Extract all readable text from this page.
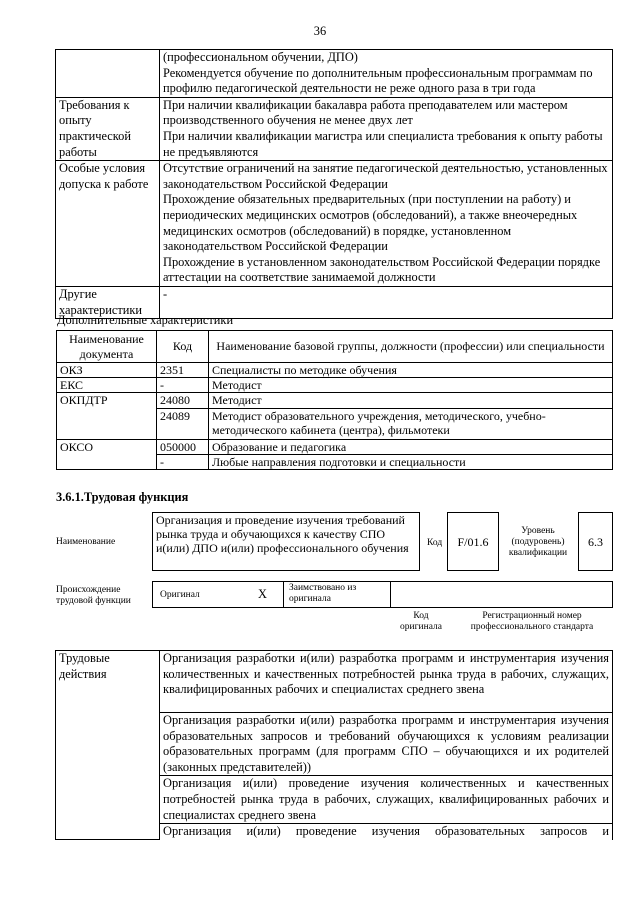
36

	(профессиональном обучении, ДПО)
Рекомендуется обучение по дополнительным профессиональным программам по профилю педагогической деятельности не реже одного раза в три года

Требования к опыту практической работы	При наличии квалификации бакалавра работа преподавателем или мастером производственного обучения не менее двух лет
При наличии квалификации магистра или специалиста требования к опыту работы не предъявляются

Особые условия допуска к работе	Отсутствие ограничений на занятие педагогической деятельностью, установленных законодательством Российской Федерации
Прохождение обязательных предварительных (при поступлении на работу) и периодических медицинских осмотров (обследований), а также внеочередных медицинских осмотров (обследований) в порядке, установленном законодательством Российской Федерации
Прохождение в установленном законодательством Российской Федерации порядке аттестации на соответствие занимаемой должности

Другие характеристики	-
Дополнительные характеристики
Наименование документа	Код	Наименование базовой группы, должности (профессии) или специальности
ОКЗ	2351	Специалисты по методике обучения
ЕКС	-	Методист
ОКПДТР	24080	Методист
	24089	Методист образовательного учреждения, методического, учебно-методического кабинета (центра), фильмотеки
ОКСО	050000	Образование и педагогика
	-	Любые направления подготовки и специальности
3.6.1.Трудовая функция
Наименование
Организация и проведение изучения требований рынка труда и обучающихся к качеству СПО и(или) ДПО и(или) профессионального обучения	Код	F/01.6
Уровень (подуровень) квалификации
6.3
Происхождение трудовой функции
Оригинал	X Заимствовано из оригинала
Код оригинала
Регистрационный номер профессионального стандарта
Трудовые действия	Организация разработки и(или) разработка программ и инструментария изучения количественных и качественных потребностей рынка труда в рабочих, служащих, квалифицированных рабочих и специалистах среднего звена
Организация разработки и(или) разработка программ и инструментария изучения образовательных запросов и требований обучающихся к условиям реализации образовательных программ (для программ СПО – обучающихся и их родителей (законных представителей))
Организация и(или) проведение изучения количественных и качественных потребностей рынка труда в рабочих, служащих, квалифицированных рабочих и специалистах среднего звена
Организация и(или) проведение изучения образовательных запросов и
